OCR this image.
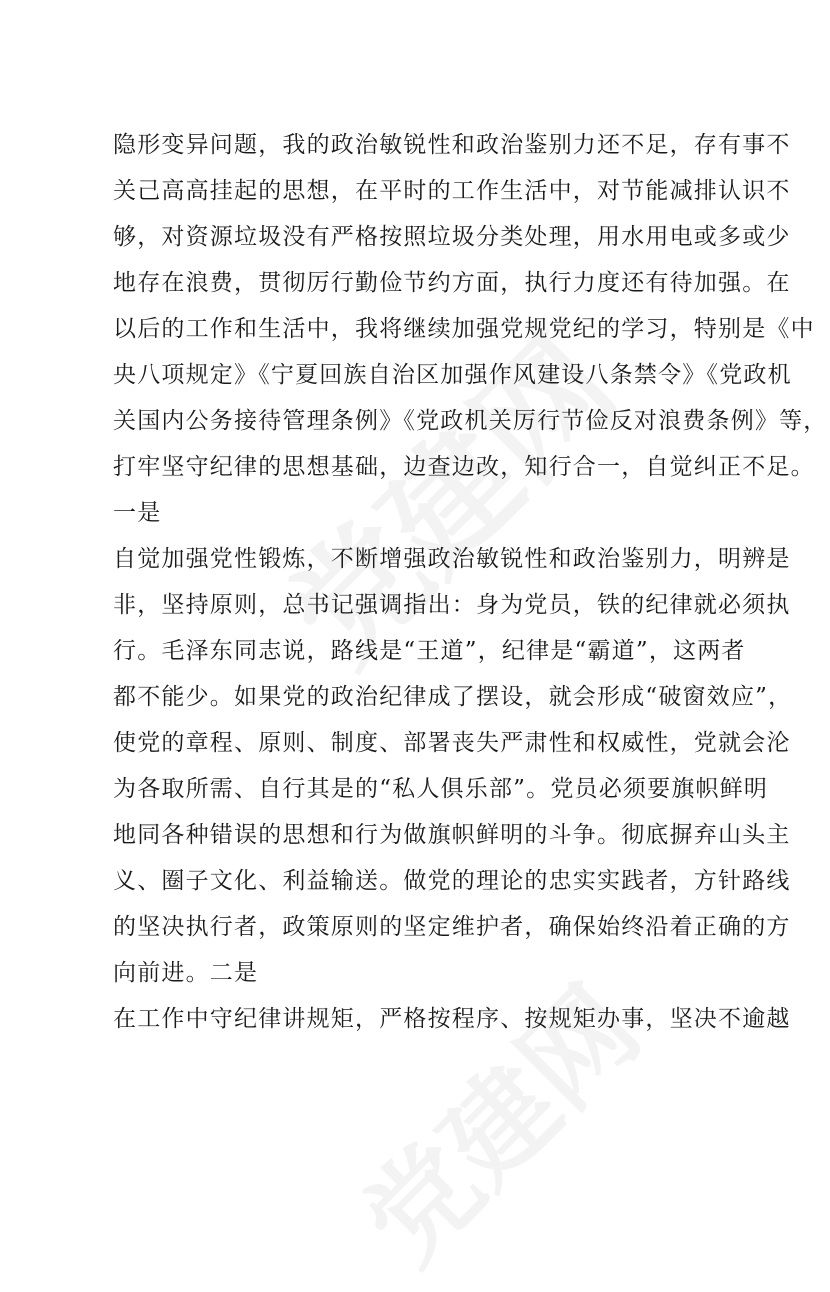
隐形变异问题，我的政治敏锐性和政治鉴别力还不足，存有事不
关己高高挂起的思想，在平时的工作生活中，对节能减排认识不
够，对资源垃圾没有严格按照垃圾分类处理，用水用电或多或少
地存在浪费，贯彻厉行勤俭节约方面，执行力度还有待加强。在
以后的工作和生活中，我将继续加强党规党纪的学习，特别是《中
央八项规定》《宁夏回族自治区加强作风建设八条禁令》《党政机
关国内公务接待管理条例》《党政机关厉行节俭反对浪费条例》等，
打牢坚守纪律的思想基础，边查边改，知行合一，自觉纠正不足。
一是
自觉加强党性锻炼，不断增强政治敏锐性和政治鉴别力，明辨是
非，坚持原则，总书记强调指出：身为党员，铁的纪律就必须执
行。毛泽东同志说，路线是“王道”，纪律是“霸道”，这两者
都不能少。如果党的政治纪律成了摆设，就会形成“破窗效应”，
使党的章程、原则、制度、部署丧失严肃性和权威性，党就会沦
为各取所需、自行其是的“私人俱乐部”。党员必须要旗帜鲜明
地同各种错误的思想和行为做旗帜鲜明的斗争。彻底摒弃山头主
义、圈子文化、利益输送。做党的理论的忠实实践者，方针路线
的坚决执行者，政策原则的坚定维护者，确保始终沿着正确的方
向前进。二是
在工作中守纪律讲规矩，严格按程序、按规矩办事，坚决不逾越
